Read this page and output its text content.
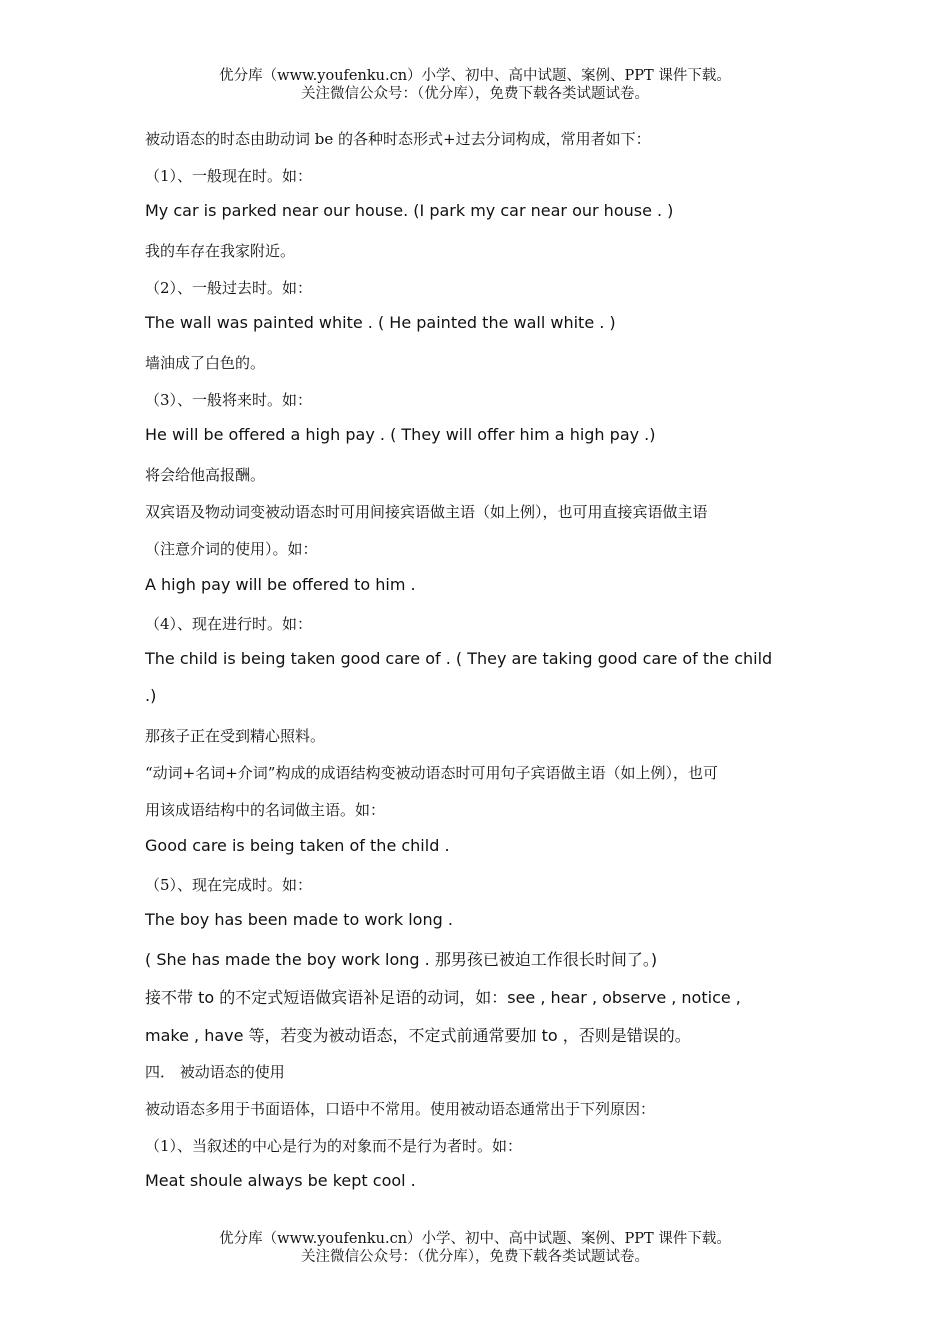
优分库（www.youfenku.cn）小学、初中、高中试题、案例、PPT 课件下载。
关注微信公众号：（优分库），免费下载各类试题试卷。
被动语态的时态由助动词 be 的各种时态形式+过去分词构成，常用者如下：
（1）、一般现在时。如：
My car is parked near our house. (I park my car near our house . )
我的车存在我家附近。
（2）、一般过去时。如：
The wall was painted white . ( He painted the wall white . )
墙油成了白色的。
（3）、一般将来时。如：
He will be offered a high pay . ( They will offer him a high pay .)
将会给他高报酬。
双宾语及物动词变被动语态时可用间接宾语做主语（如上例），也可用直接宾语做主语
（注意介词的使用）。如：
A high pay will be offered to him .
（4）、现在进行时。如：
The child is being taken good care of . ( They are taking good care of the child
.)
那孩子正在受到精心照料。
“动词+名词+介词”构成的成语结构变被动语态时可用句子宾语做主语（如上例），也可
用该成语结构中的名词做主语。如：
Good care is being taken of the child .
（5）、现在完成时。如：
The boy has been made to work long .
( She has made the boy work long . 那男孩已被迫工作很长时间了。)
接不带 to 的不定式短语做宾语补足语的动词，如：see , hear , observe , notice ,
make , have 等，若变为被动语态，不定式前通常要加 to ，否则是错误的。
四． 被动语态的使用
被动语态多用于书面语体，口语中不常用。使用被动语态通常出于下列原因：
（1）、当叙述的中心是行为的对象而不是行为者时。如：
Meat shoule always be kept cool .
优分库（www.youfenku.cn）小学、初中、高中试题、案例、PPT 课件下载。
关注微信公众号：（优分库），免费下载各类试题试卷。
